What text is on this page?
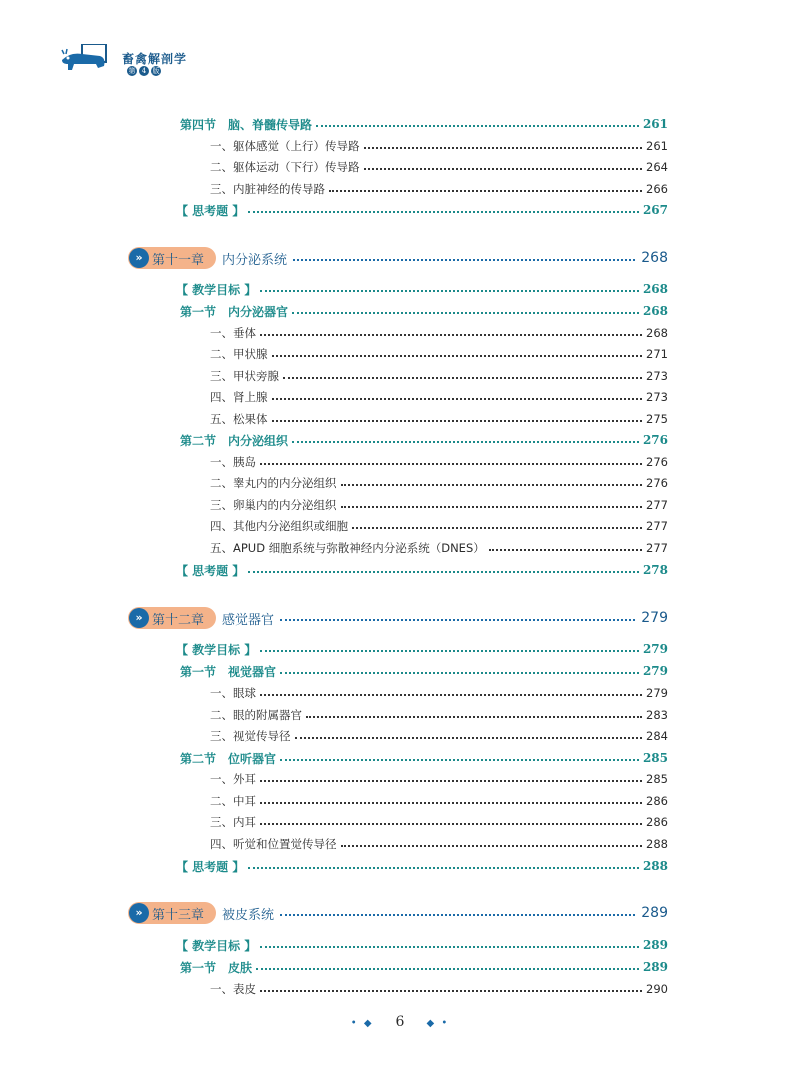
畜禽解剖学
第 4 版
第四节　脑、脊髓传导路	261
一、躯体感觉（上行）传导路	261
二、躯体运动（下行）传导路	264
三、内脏神经的传导路	266
【 思考题 】	267
» 第十一章 内分泌系统	268
【 教学目标 】	268
第一节　内分泌器官	268
一、垂体	268
二、甲状腺	271
三、甲状旁腺	273
四、肾上腺	273
五、松果体	275
第二节　内分泌组织	276
一、胰岛	276
二、睾丸内的内分泌组织	276
三、卵巢内的内分泌组织	277
四、其他内分泌组织或细胞	277
五、APUD 细胞系统与弥散神经内分泌系统（DNES）	277
【 思考题 】	278
» 第十二章 感觉器官	279
【 教学目标 】	279
第一节　视觉器官	279
一、眼球	279
二、眼的附属器官	283
三、视觉传导径	284
第二节　位听器官	285
一、外耳	285
二、中耳	286
三、内耳	286
四、听觉和位置觉传导径	288
【 思考题 】	288
» 第十三章 被皮系统	289
【 教学目标 】	289
第一节　皮肤	289
一、表皮	290
• ◆ 6 ◆ •
